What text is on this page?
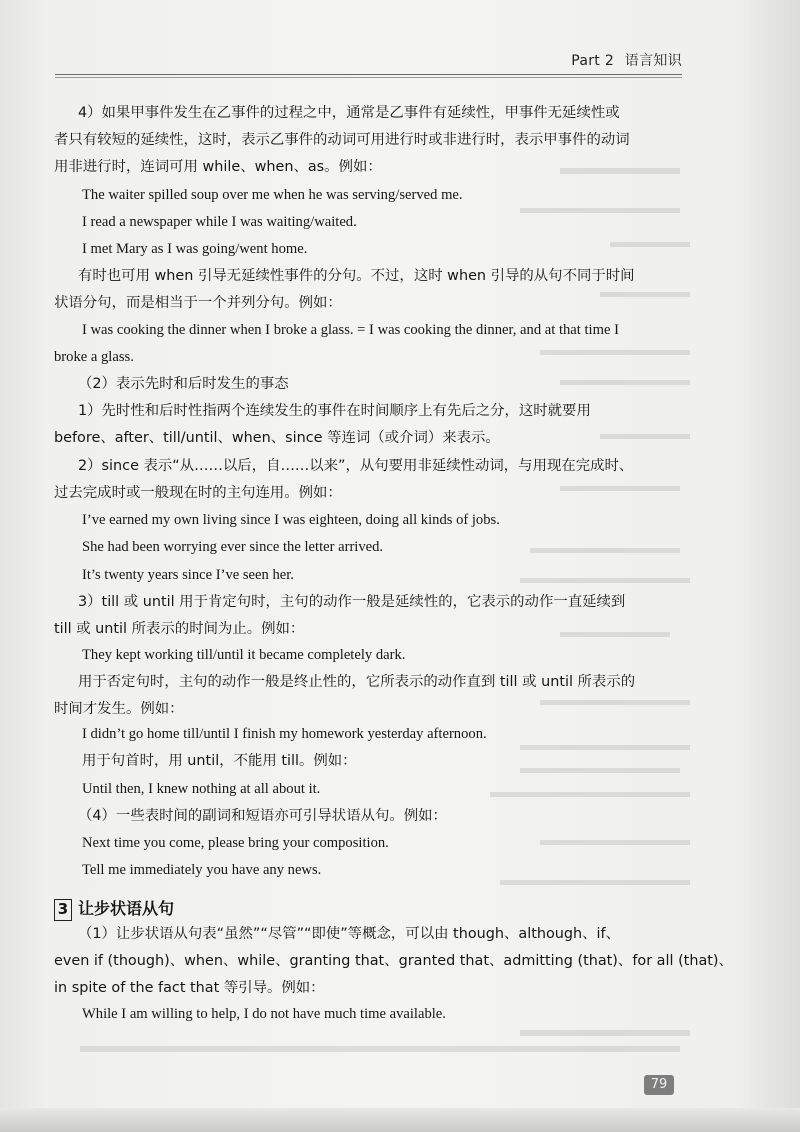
Part 2 语言知识
4）如果甲事件发生在乙事件的过程之中，通常是乙事件有延续性，甲事件无延续性或
者只有较短的延续性，这时，表示乙事件的动词可用进行时或非进行时，表示甲事件的动词
用非进行时，连词可用 while、when、as。例如：
The waiter spilled soup over me when he was serving/served me.
I read a newspaper while I was waiting/waited.
I met Mary as I was going/went home.
有时也可用 when 引导无延续性事件的分句。不过，这时 when 引导的从句不同于时间
状语分句，而是相当于一个并列分句。例如：
I was cooking the dinner when I broke a glass. = I was cooking the dinner, and at that time I
broke a glass.
（2）表示先时和后时发生的事态
1）先时性和后时性指两个连续发生的事件在时间顺序上有先后之分，这时就要用
before、after、till/until、when、since 等连词（或介词）来表示。
2）since 表示“从……以后，自……以来”，从句要用非延续性动词，与用现在完成时、
过去完成时或一般现在时的主句连用。例如：
I’ve earned my own living since I was eighteen, doing all kinds of jobs.
She had been worrying ever since the letter arrived.
It’s twenty years since I’ve seen her.
3）till 或 until 用于肯定句时，主句的动作一般是延续性的，它表示的动作一直延续到
till 或 until 所表示的时间为止。例如：
They kept working till/until it became completely dark.
用于否定句时，主句的动作一般是终止性的，它所表示的动作直到 till 或 until 所表示的
时间才发生。例如：
I didn’t go home till/until I finish my homework yesterday afternoon.
用于句首时，用 until，不能用 till。例如：
Until then, I knew nothing at all about it.
（4）一些表时间的副词和短语亦可引导状语从句。例如：
Next time you come, please bring your composition.
Tell me immediately you have any news.
（1）让步状语从句表“虽然”“尽管”“即使”等概念，可以由 though、although、if、
even if (though)、when、while、granting that、granted that、admitting (that)、for all (that)、
in spite of the fact that 等引导。例如：
While I am willing to help, I do not have much time available.
3 让步状语从句
79
